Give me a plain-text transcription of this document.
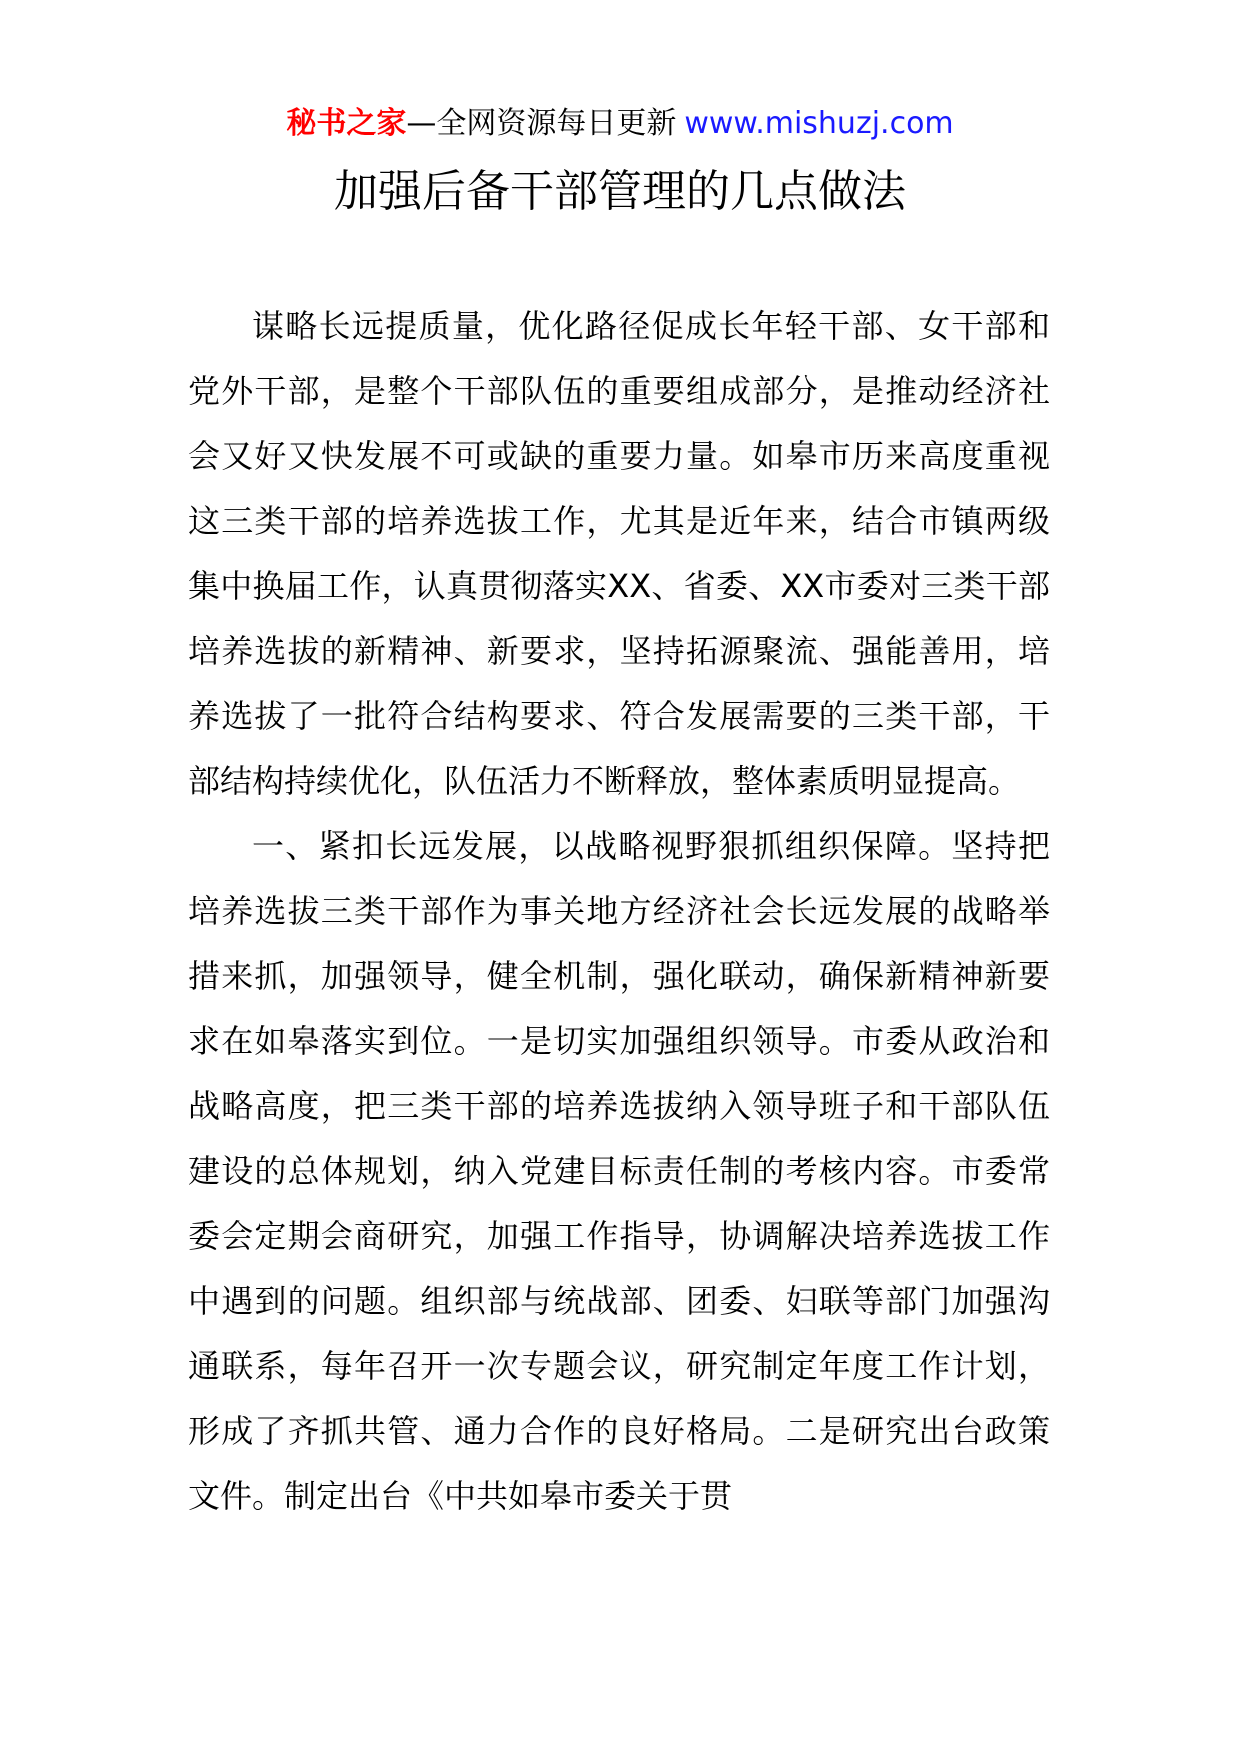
秘书之家—全网资源每日更新 www.mishuzj.com
加强后备干部管理的几点做法

谋略长远提质量，优化路径促成长年轻干部、女干部和党外干部，是整个干部队伍的重要组成部分，是推动经济社会又好又快发展不可或缺的重要力量。如皋市历来高度重视这三类干部的培养选拔工作，尤其是近年来，结合市镇两级集中换届工作，认真贯彻落实XX、省委、XX市委对三类干部培养选拔的新精神、新要求，坚持拓源聚流、强能善用，培养选拔了一批符合结构要求、符合发展需要的三类干部，干部结构持续优化，队伍活力不断释放，整体素质明显提高。

一、紧扣长远发展，以战略视野狠抓组织保障。坚持把培养选拔三类干部作为事关地方经济社会长远发展的战略举措来抓，加强领导，健全机制，强化联动，确保新精神新要求在如皋落实到位。一是切实加强组织领导。市委从政治和战略高度，把三类干部的培养选拔纳入领导班子和干部队伍建设的总体规划，纳入党建目标责任制的考核内容。市委常委会定期会商研究，加强工作指导，协调解决培养选拔工作中遇到的问题。组织部与统战部、团委、妇联等部门加强沟通联系，每年召开一次专题会议，研究制定年度工作计划，形成了齐抓共管、通力合作的良好格局。二是研究出台政策文件。制定出台《中共如皋市委关于贯
